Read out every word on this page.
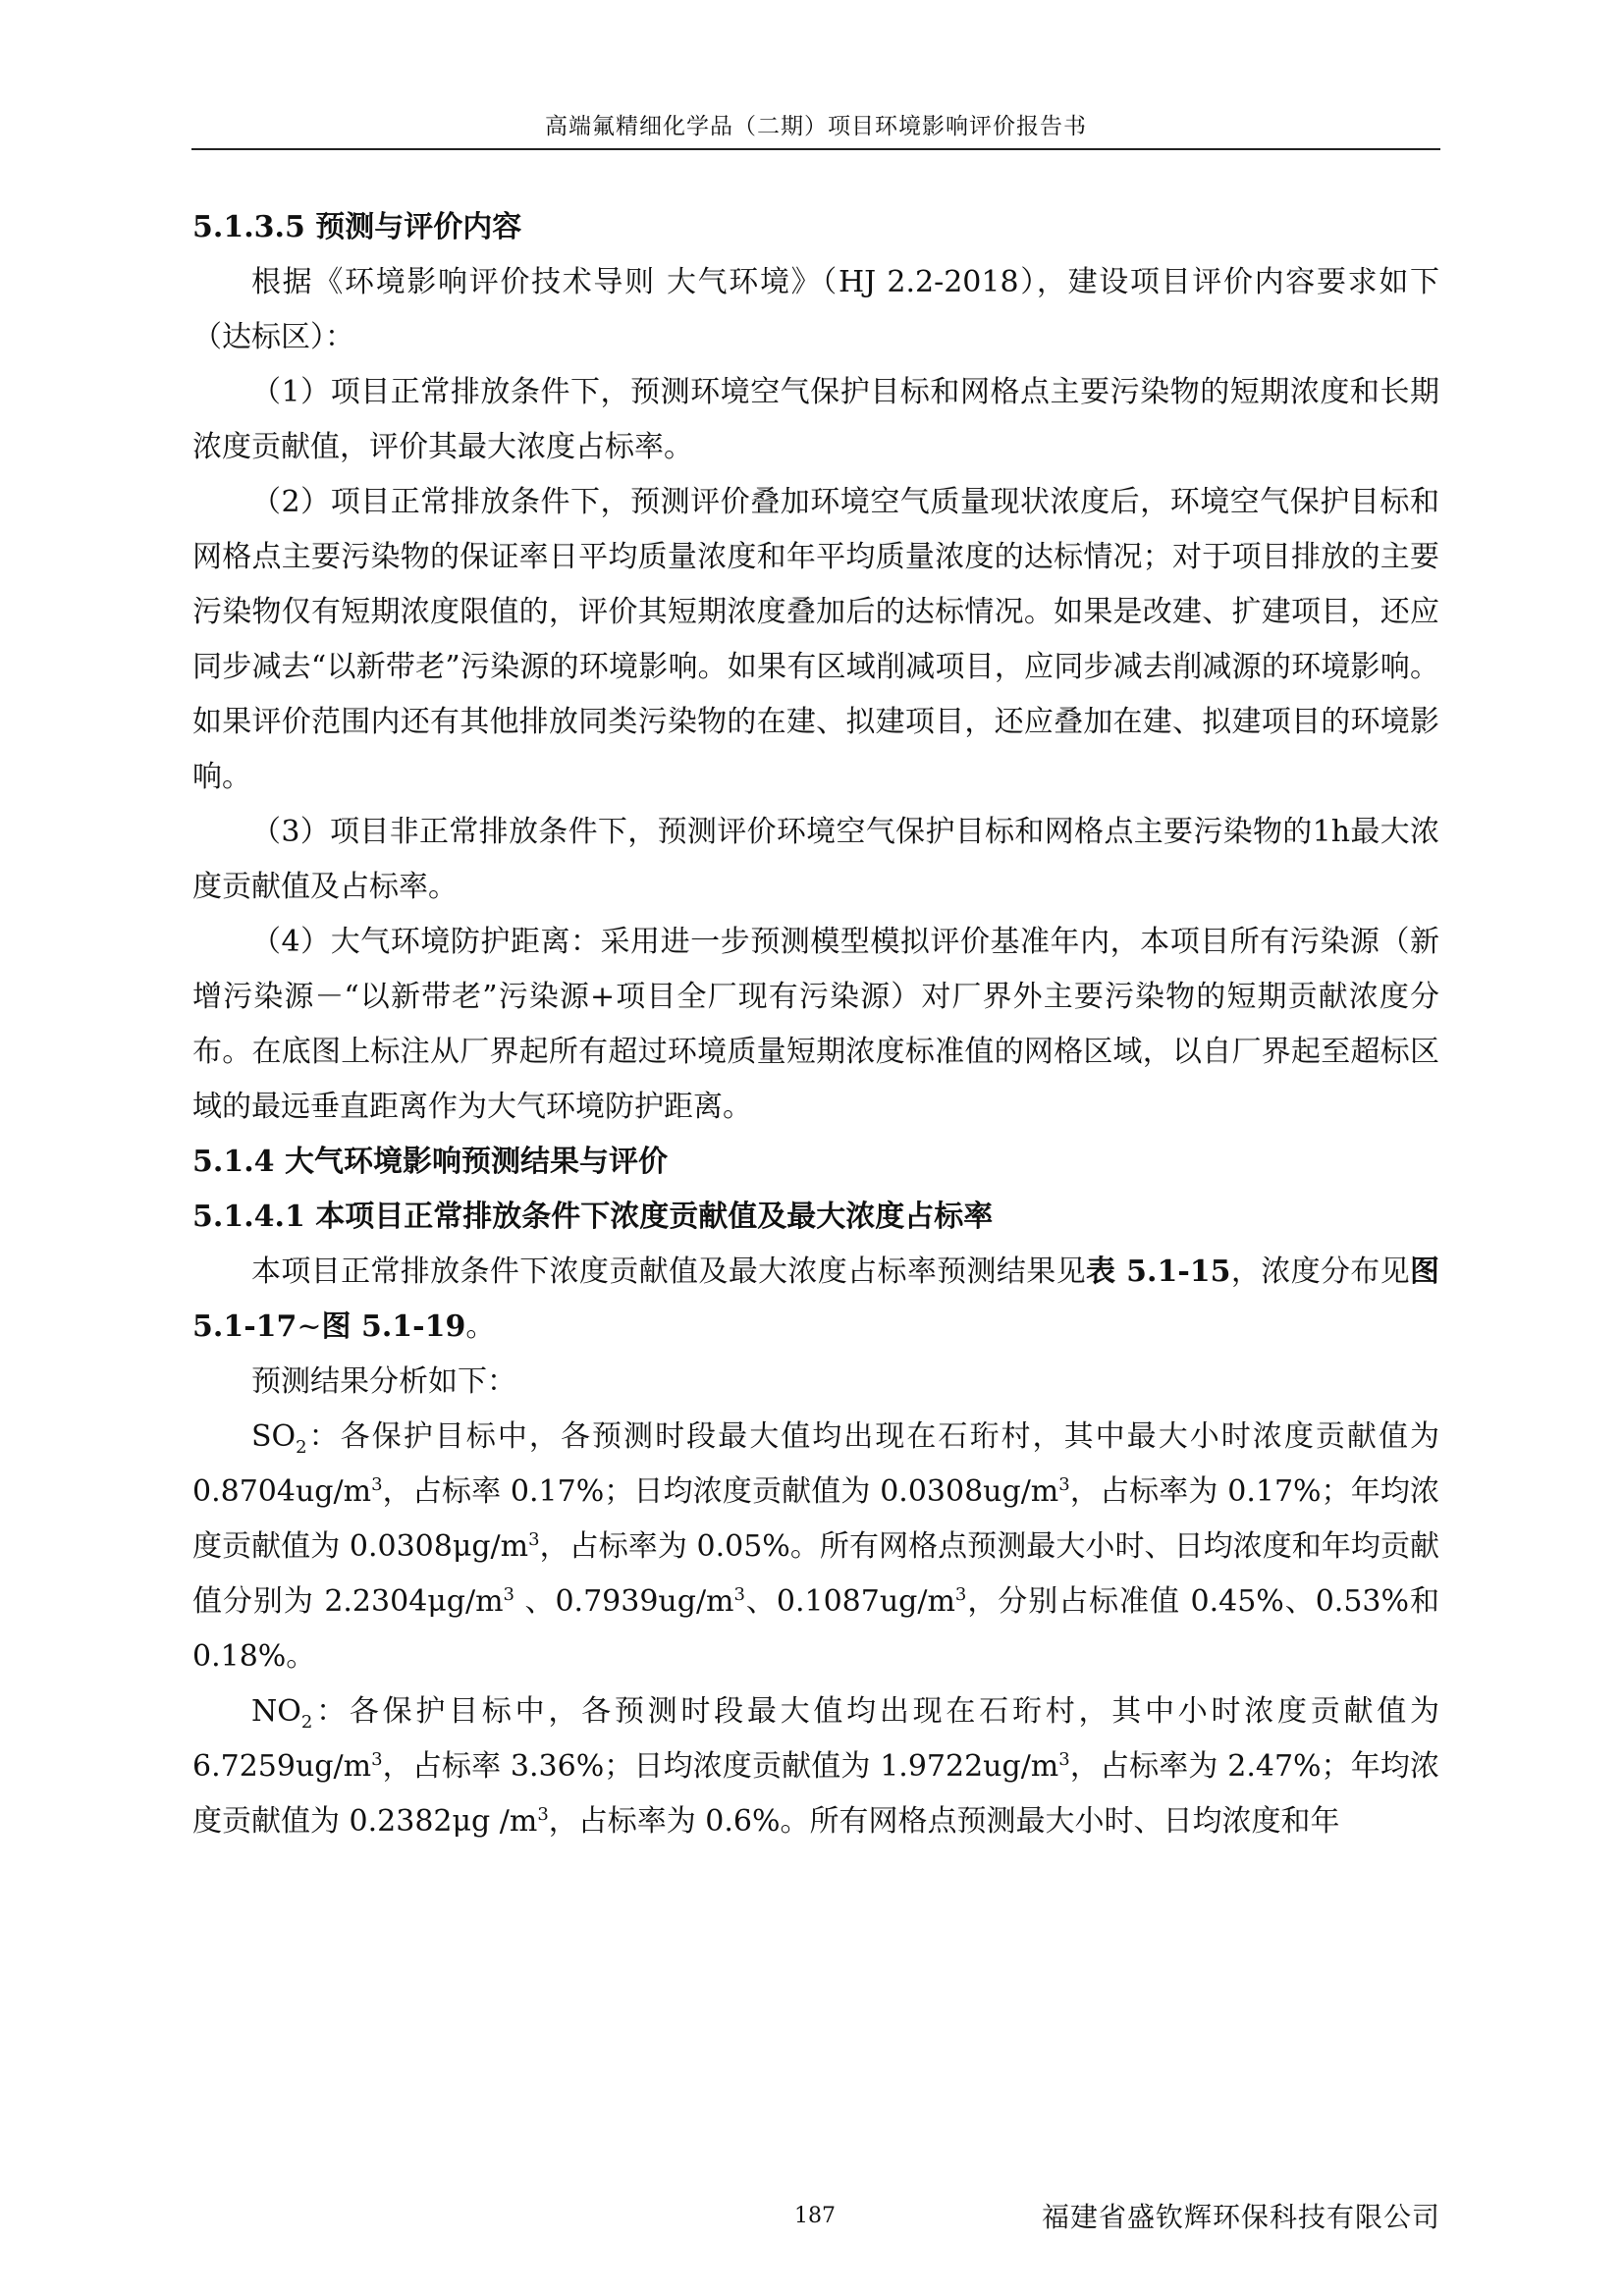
高端氟精细化学品（二期）项目环境影响评价报告书

5.1.3.5 预测与评价内容

根据《环境影响评价技术导则 大气环境》（HJ 2.2-2018），建设项目评价内容要求如下（达标区）：

（1）项目正常排放条件下，预测环境空气保护目标和网格点主要污染物的短期浓度和长期浓度贡献值，评价其最大浓度占标率。

（2）项目正常排放条件下，预测评价叠加环境空气质量现状浓度后，环境空气保护目标和网格点主要污染物的保证率日平均质量浓度和年平均质量浓度的达标情况；对于项目排放的主要污染物仅有短期浓度限值的，评价其短期浓度叠加后的达标情况。如果是改建、扩建项目，还应同步减去“以新带老”污染源的环境影响。如果有区域削减项目，应同步减去削减源的环境影响。如果评价范围内还有其他排放同类污染物的在建、拟建项目，还应叠加在建、拟建项目的环境影响。

（3）项目非正常排放条件下，预测评价环境空气保护目标和网格点主要污染物的1h最大浓度贡献值及占标率。

（4）大气环境防护距离：采用进一步预测模型模拟评价基准年内，本项目所有污染源（新增污染源－“以新带老”污染源+项目全厂现有污染源）对厂界外主要污染物的短期贡献浓度分布。在底图上标注从厂界起所有超过环境质量短期浓度标准值的网格区域，以自厂界起至超标区域的最远垂直距离作为大气环境防护距离。

5.1.4 大气环境影响预测结果与评价

5.1.4.1 本项目正常排放条件下浓度贡献值及最大浓度占标率

本项目正常排放条件下浓度贡献值及最大浓度占标率预测结果见表 5.1-15，浓度分布见图 5.1-17~图 5.1-19。

预测结果分析如下：

$SO_2$：各保护目标中，各预测时段最大值均出现在石珩村，其中最大小时浓度贡献值为 $0.8704ug/m^3$，占标率 0.17%；日均浓度贡献值为 $0.0308ug/m^3$，占标率为 0.17%；年均浓度贡献值为 $0.0308\mu g/m^3$，占标率为 0.05%。所有网格点预测最大小时、日均浓度和年均贡献值分别为 $2.2304\mu g/m^3$ 、$0.7939ug/m^3$、$0.1087ug/m^3$，分别占标准值 0.45%、0.53%和 0.18%。

$NO_2$：各保护目标中，各预测时段最大值均出现在石珩村，其中小时浓度贡献值为 $6.7259ug/m^3$，占标率 3.36%；日均浓度贡献值为 $1.9722ug/m^3$，占标率为 2.47%；年均浓度贡献值为 0.2382μg $/m^3$，占标率为 0.6%。所有网格点预测最大小时、日均浓度和年

187	福建省盛钦辉环保科技有限公司
